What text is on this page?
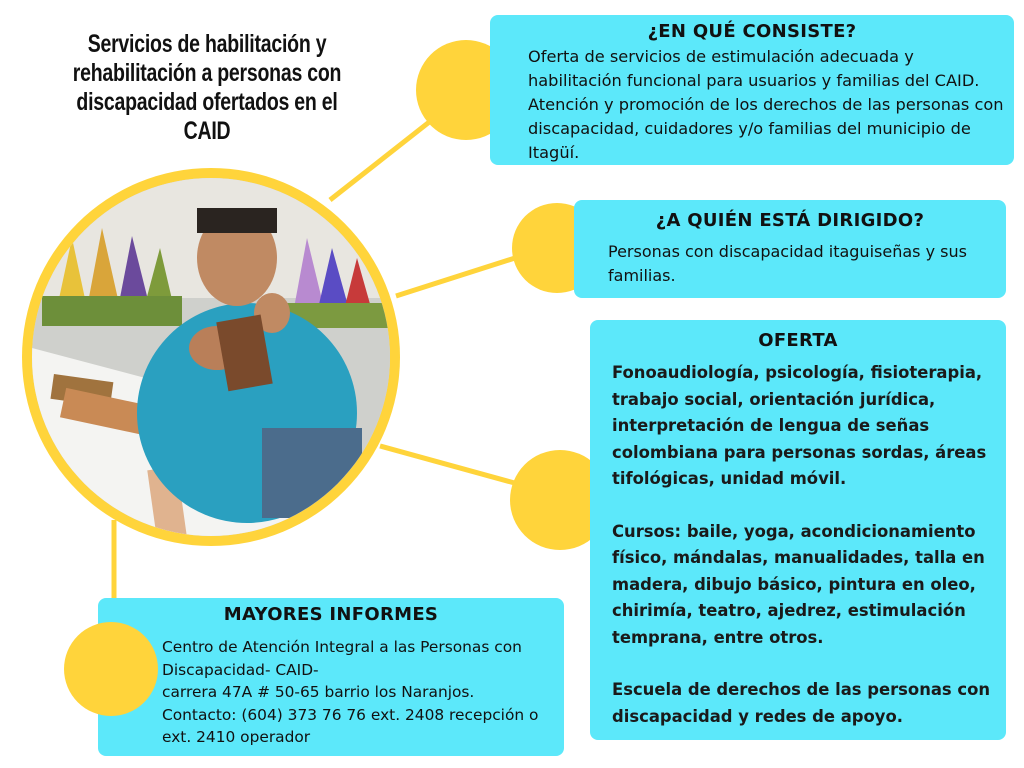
Servicios de habilitación y rehabilitación a personas con discapacidad ofertados en el CAID
¿EN QUÉ CONSISTE?
Oferta de servicios de estimulación adecuada y habilitación funcional para usuarios y familias del CAID. Atención y promoción de los derechos de las personas con discapacidad, cuidadores y/o familias del municipio de Itagüí.
¿A QUIÉN ESTÁ DIRIGIDO?
Personas con discapacidad itaguiseñas y sus familias.
OFERTA
Fonoaudiología, psicología, fisioterapia, trabajo social, orientación jurídica, interpretación de lengua de señas colombiana para personas sordas, áreas tifológicas, unidad móvil.
Cursos: baile, yoga, acondicionamiento físico, mándalas, manualidades, talla en madera, dibujo básico, pintura en oleo, chirimía, teatro, ajedrez, estimulación temprana, entre otros.
Escuela de derechos de las personas con discapacidad y redes de apoyo.
MAYORES INFORMES
Centro de Atención Integral a las Personas con Discapacidad- CAID-
carrera 47A # 50-65 barrio los Naranjos.
Contacto: (604) 373 76 76 ext. 2408 recepción o ext. 2410 operador
